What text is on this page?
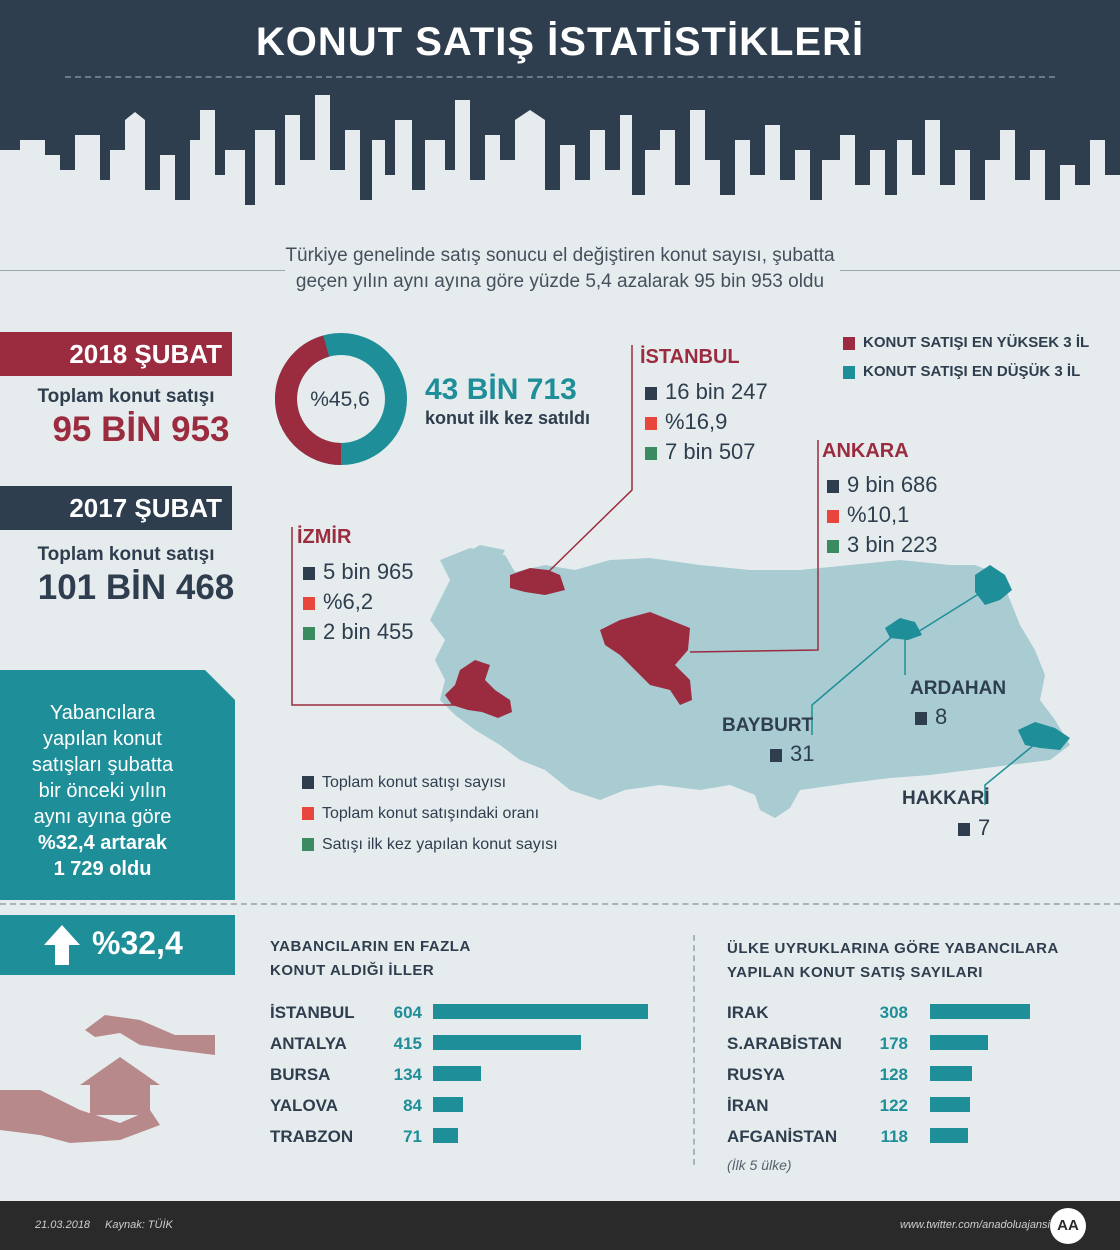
KONUT SATIŞ İSTATİSTİKLERİ
Türkiye genelinde satış sonucu el değiştiren konut sayısı, şubatta
geçen yılın aynı ayına göre yüzde 5,4 azalarak 95 bin 953 oldu
2018 ŞUBAT
Toplam konut satışı
95 BİN 953
2017 ŞUBAT
Toplam konut satışı
101 BİN 468
%45,6	43 BİN 713
konut ilk kez satıldı
KONUT SATIŞI EN YÜKSEK 3 İL
KONUT SATIŞI EN DÜŞÜK 3 İL
İSTANBUL
16 bin 247
%16,9
7 bin 507	ANKARA
9 bin 686
%10,1
3 bin 223
İZMİR
5 bin 965
%6,2
2 bin 455
ARDAHAN
8
BAYBURT
31
HAKKARİ
7
Toplam konut satışı sayısı
Toplam konut satışındaki oranı
Satışı ilk kez yapılan konut sayısı
Yabancılara
yapılan konut
satışları şubatta
bir önceki yılın
aynı ayına göre
%32,4 artarak
1 729 oldu
%32,4	YABANCILARIN EN FAZLA
KONUT ALDIĞI İLLER
İSTANBUL	604
ANTALYA	415
BURSA	134
YALOVA	84
TRABZON	71
ÜLKE UYRUKLARINA GÖRE YABANCILARA
YAPILAN KONUT SATIŞ SAYILARI
IRAK	308
S.ARABİSTAN	178
RUSYA	128
İRAN	122
AFGANİSTAN	118
(İlk 5 ülke)
21.03.2018 Kaynak: TÜİK	www.twitter.com/anadoluajansi AA
